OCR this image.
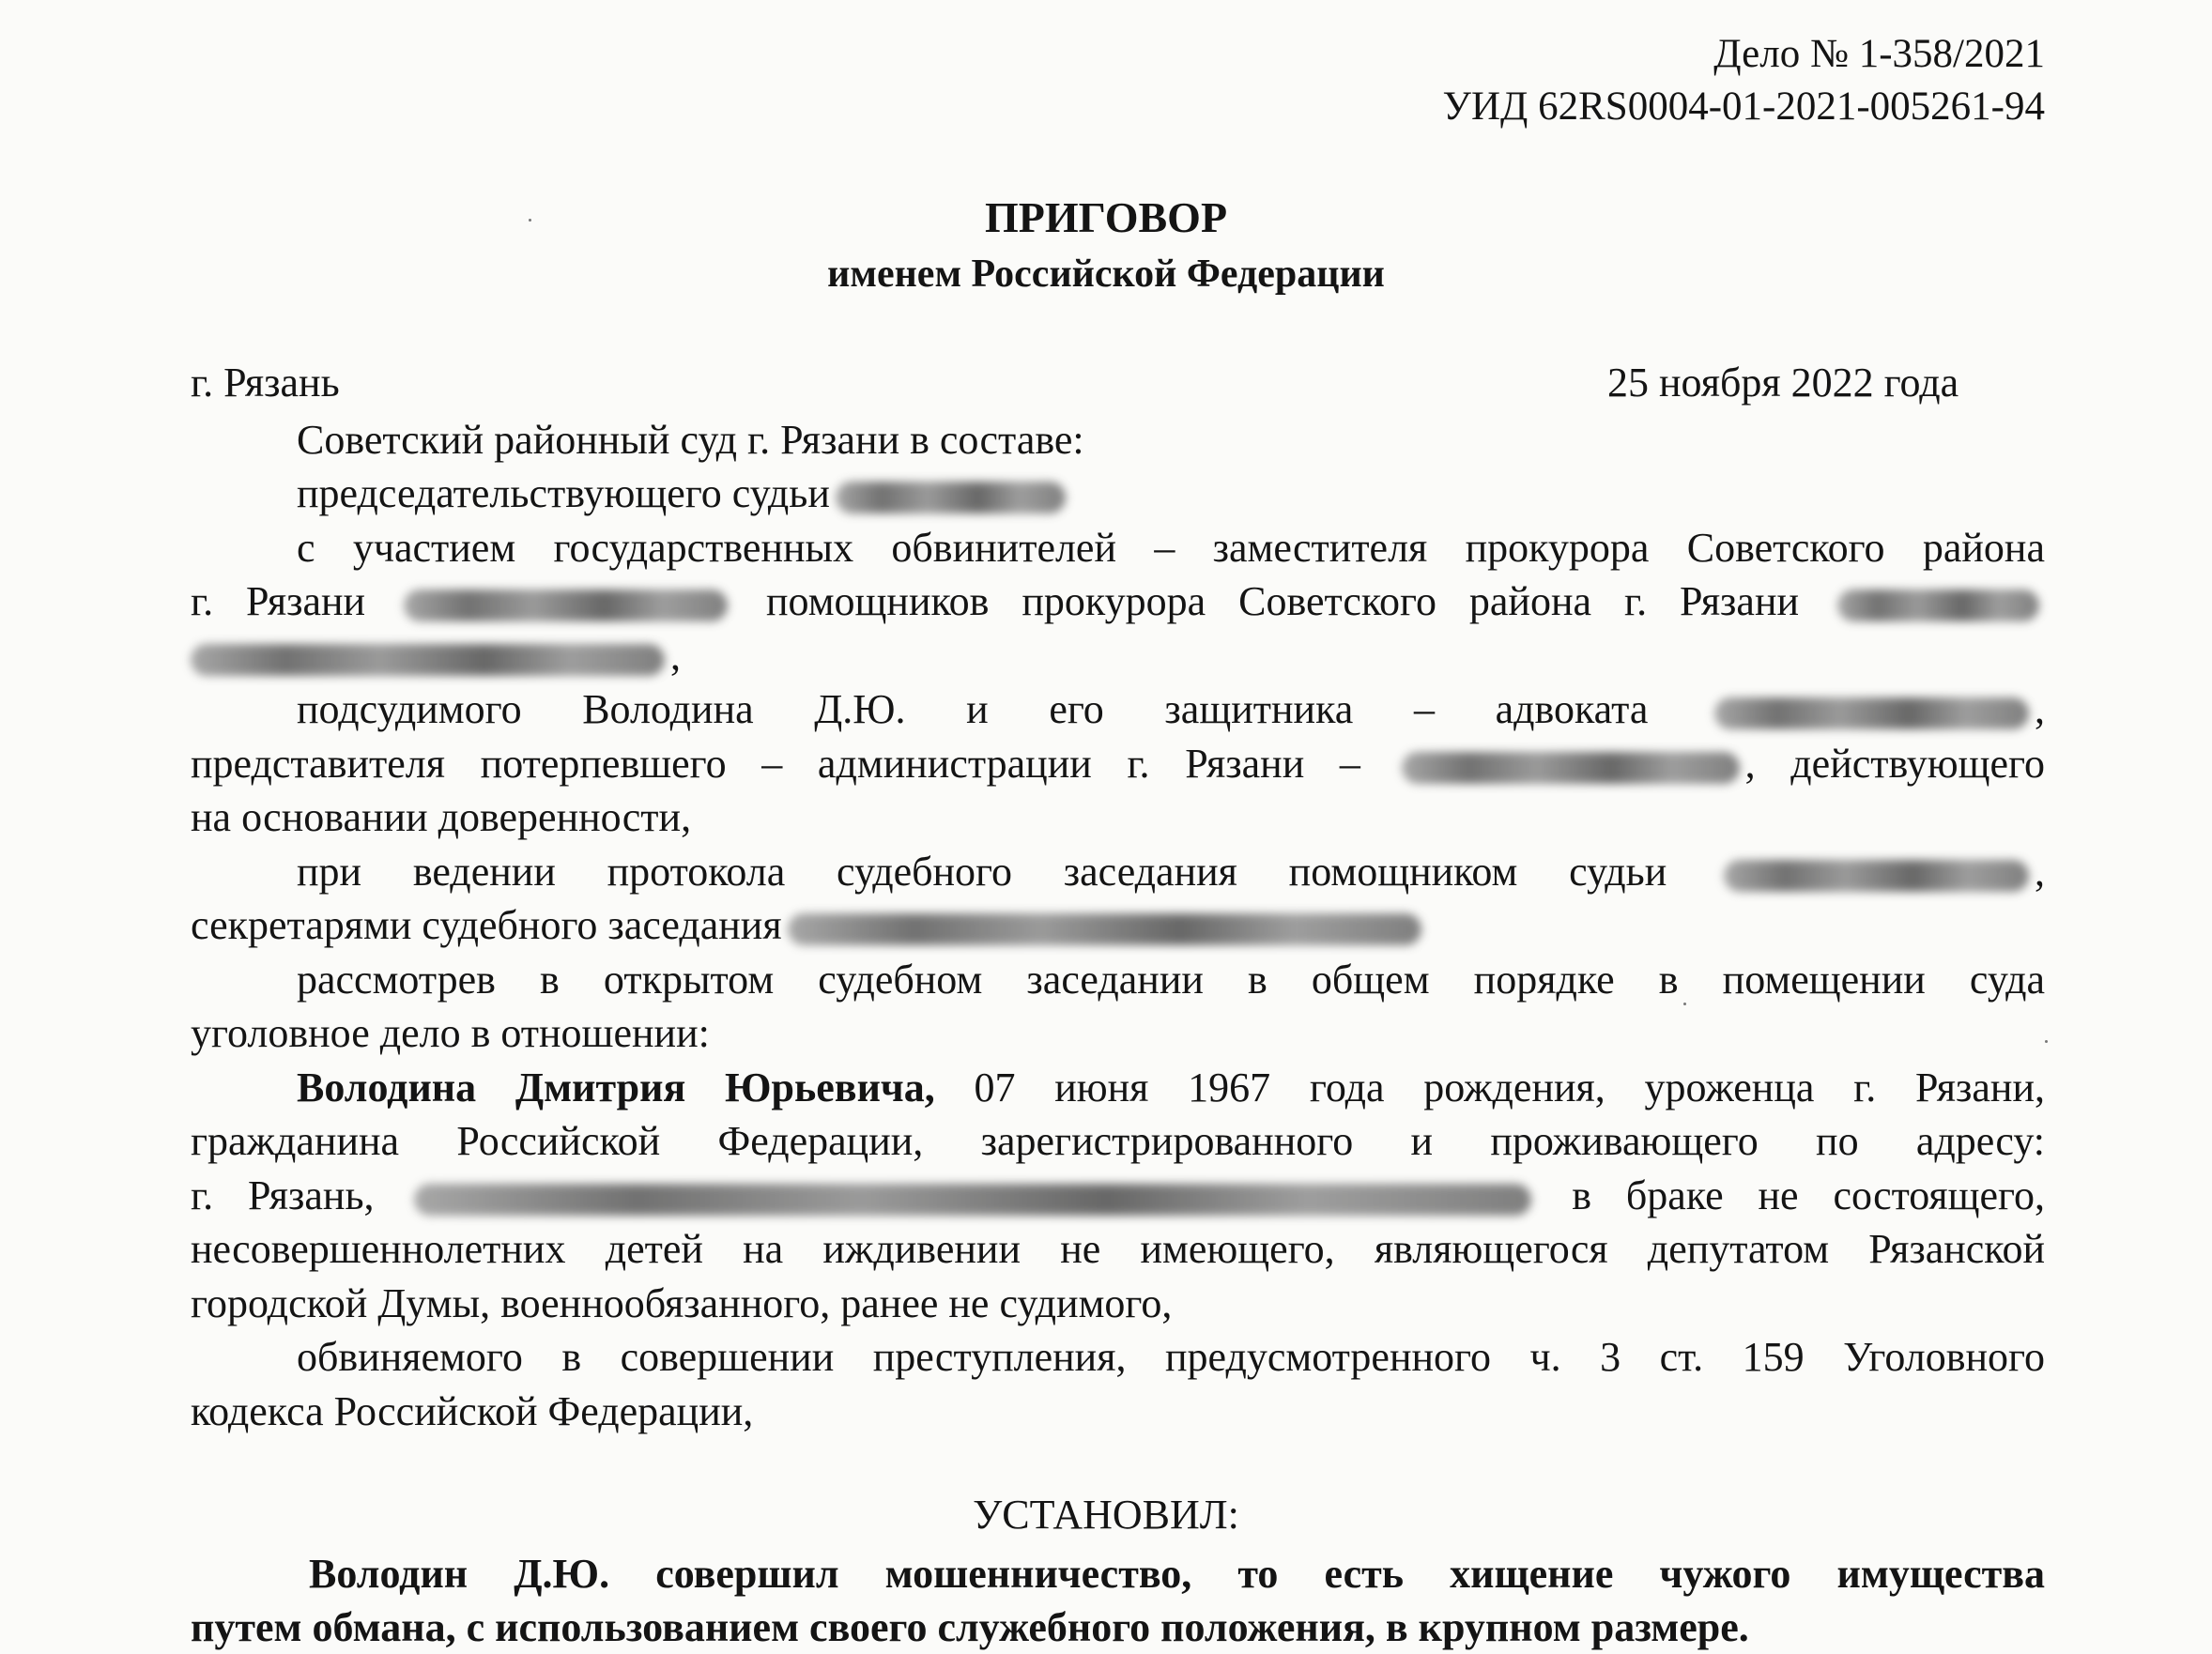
Дело № 1-358/2021
УИД 62RS0004-01-2021-005261-94
ПРИГОВОР
именем Российской Федерации
г. Рязань	25 ноября 2022 года
Советский районный суд г. Рязани в составе:
председательствующего судьи
с участием государственных обвинителей – заместителя прокурора Советского района
г. Рязани	помощников прокурора Советского района г. Рязани
,
подсудимого Володина Д.Ю. и его защитника – адвоката	,
представителя потерпевшего – администрации г. Рязани –	, действующего
на основании доверенности,
при ведении протокола судебного заседания помощником судьи	,
секретарями судебного заседания
рассмотрев в открытом судебном заседании в общем порядке в помещении суда
уголовное дело в отношении:
Володина Дмитрия Юрьевича, 07 июня 1967 года рождения, уроженца г. Рязани,
гражданина Российской Федерации, зарегистрированного и проживающего по адресу:
г. Рязань,	в браке не состоящего,
несовершеннолетних детей на иждивении не имеющего, являющегося депутатом Рязанской
городской Думы, военнообязанного, ранее не судимого,
обвиняемого в совершении преступления, предусмотренного ч. 3 ст. 159 Уголовного
кодекса Российской Федерации,
УСТАНОВИЛ:
Володин Д.Ю. совершил мошенничество, то есть хищение чужого имущества
путем обмана, с использованием своего служебного положения, в крупном размере.
